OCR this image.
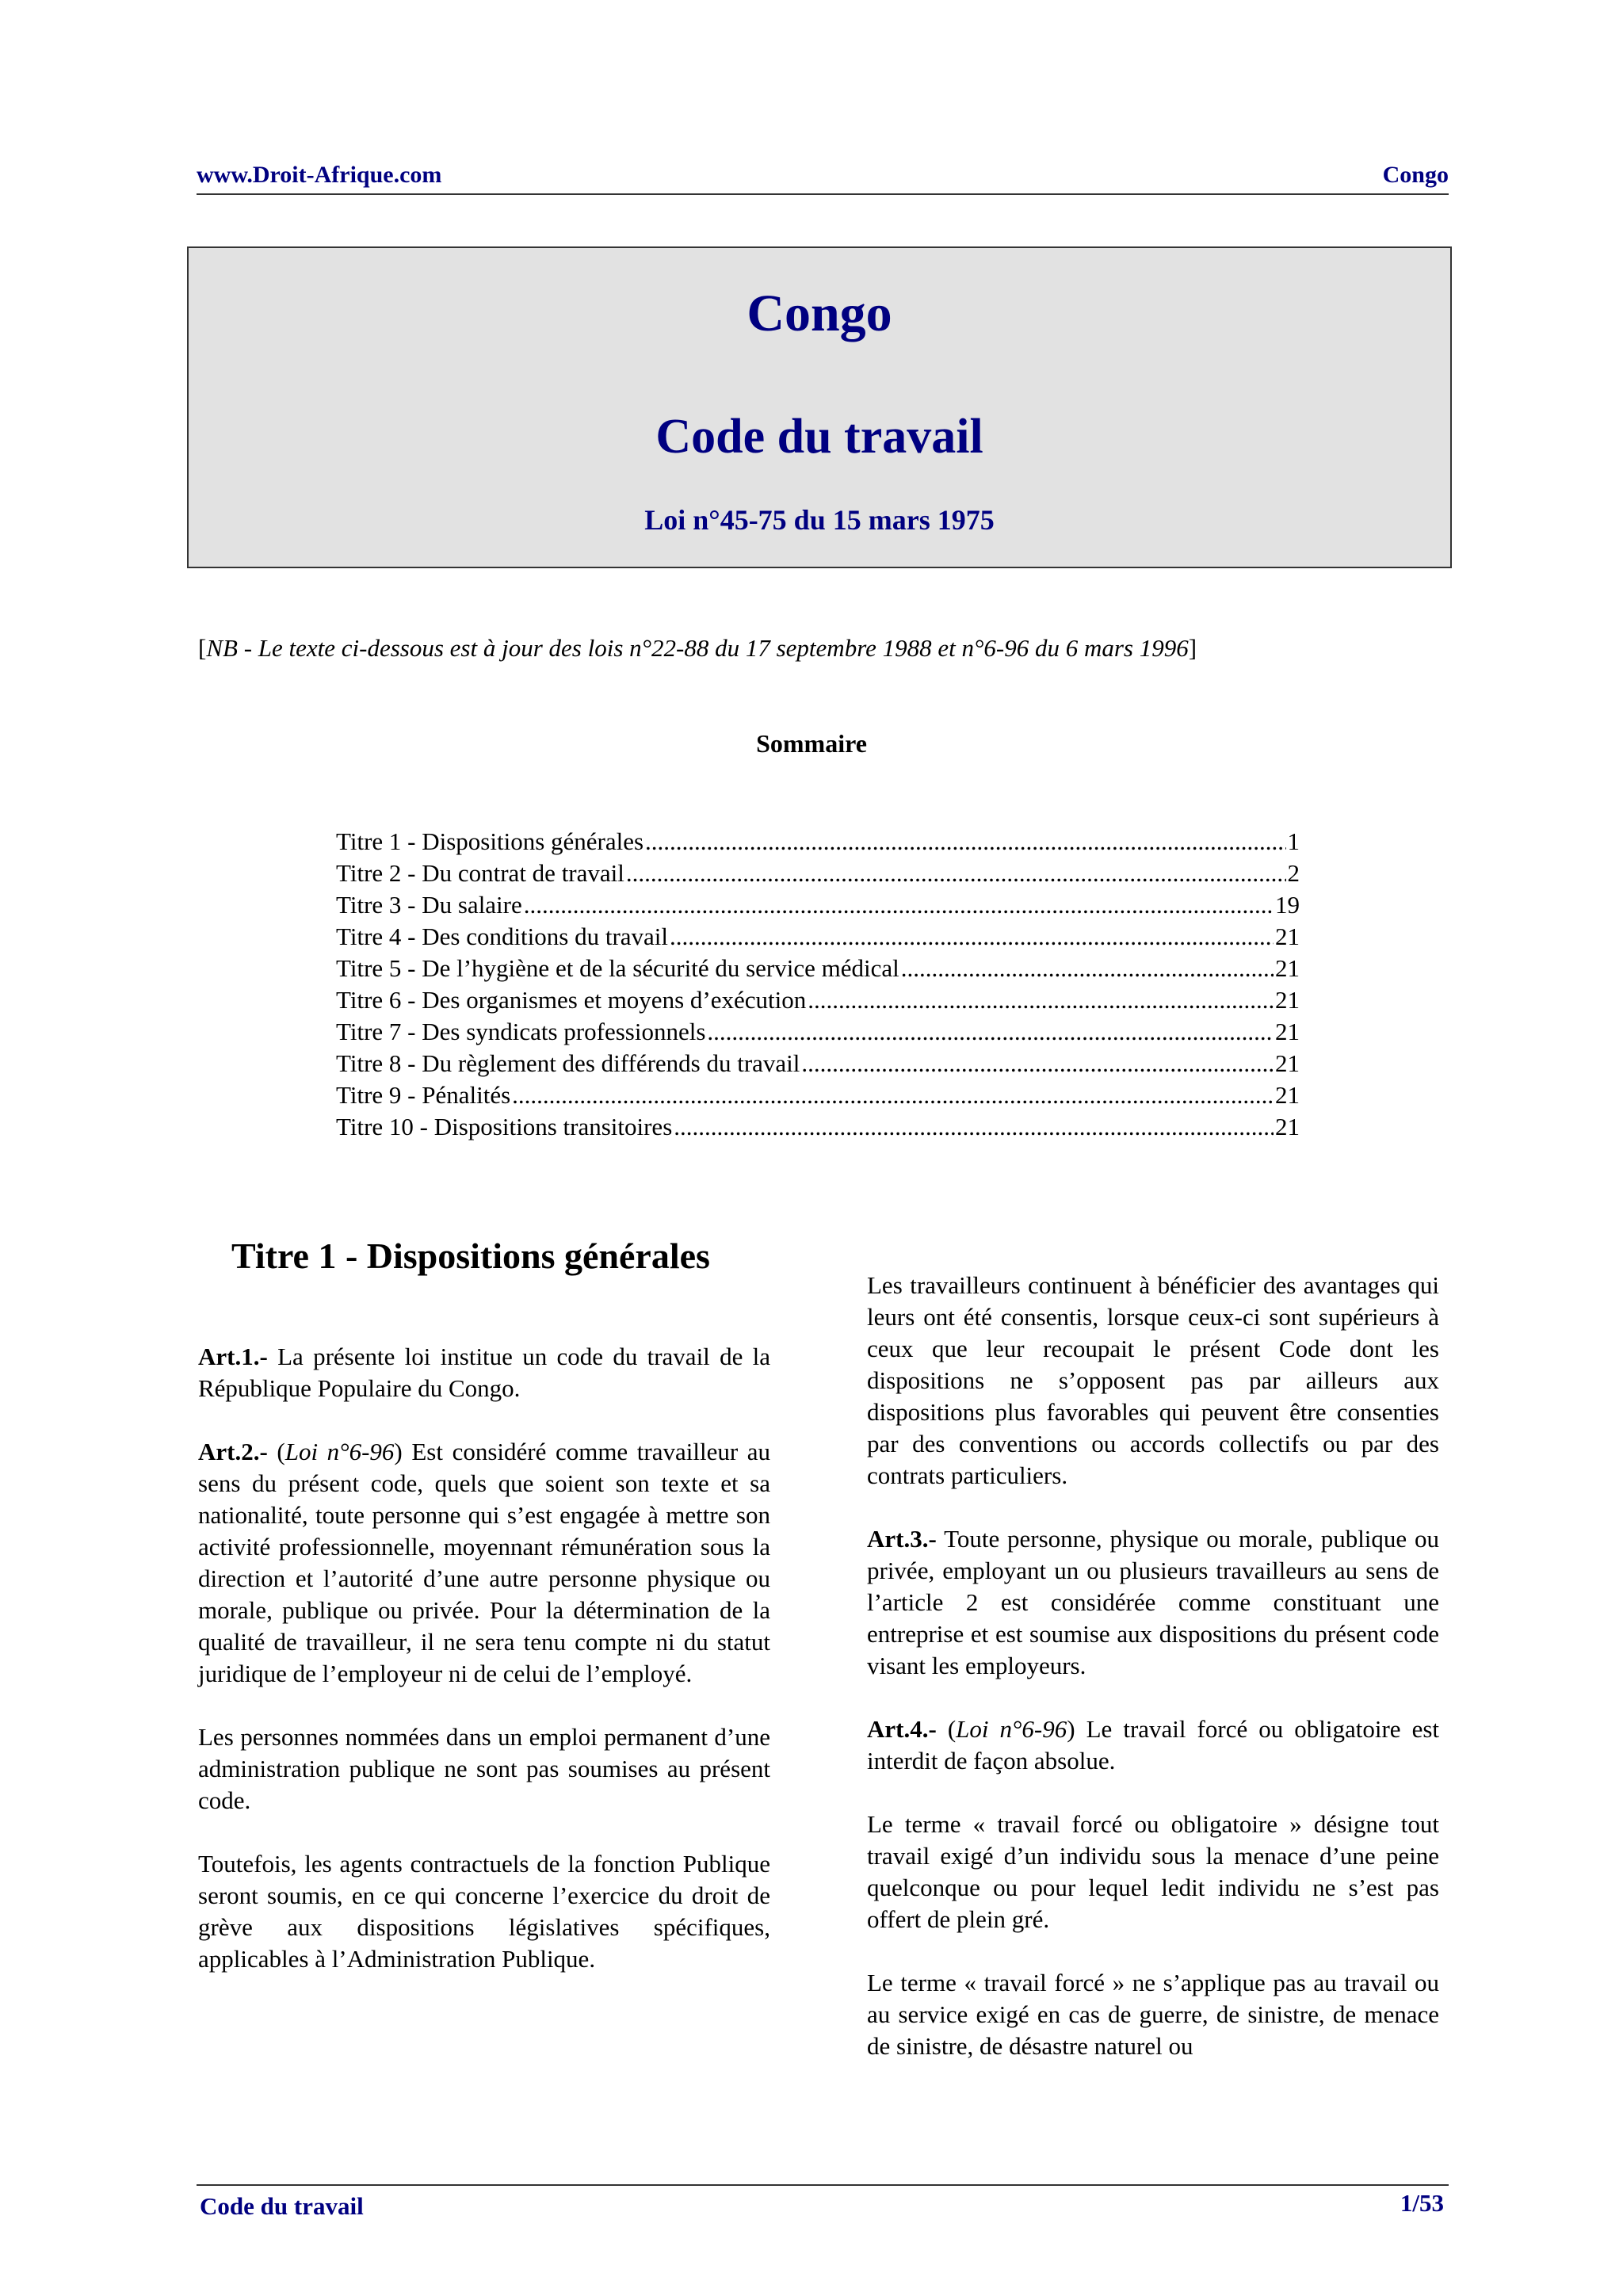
www.Droit-Afrique.com	Congo
Congo
Code du travail
Loi n°45-75 du 15 mars 1975
[NB - Le texte ci-dessous est à jour des lois n°22-88 du 17 septembre 1988 et n°6-96 du 6 mars 1996]
Sommaire
Titre 1 - Dispositions générales .....	1
Titre 2 - Du contrat de travail .....	2
Titre 3 - Du salaire .....	19
Titre 4 - Des conditions du travail .....	21
Titre 5 - De l’hygiène et de la sécurité du service médical .....	21
Titre 6 - Des organismes et moyens d’exécution .....	21
Titre 7 - Des syndicats professionnels .....	21
Titre 8 - Du règlement des différends du travail .....	21
Titre 9 - Pénalités .....	21
Titre 10 - Dispositions transitoires .....	21
Titre 1 - Dispositions générales

Art.1.- La présente loi institue un code du travail de la République Populaire du Congo.

Art.2.- (Loi n°6-96) Est considéré comme travailleur au sens du présent code, quels que soient son texte et sa nationalité, toute personne qui s’est engagée à mettre son activité professionnelle, moyennant rémunération sous la direction et l’autorité d’une autre personne physique ou morale, publique ou privée. Pour la détermination de la qualité de travailleur, il ne sera tenu compte ni du statut juridique de l’employeur ni de celui de l’employé.

Les personnes nommées dans un emploi permanent d’une administration publique ne sont pas soumises au présent code.

Toutefois, les agents contractuels de la fonction Publique seront soumis, en ce qui concerne l’exercice du droit de grève aux dispositions législatives spécifiques, applicables à l’Administration Publique.

Les travailleurs continuent à bénéficier des avantages qui leurs ont été consentis, lorsque ceux-ci sont supérieurs à ceux que leur recoupait le présent Code dont les dispositions ne s’opposent pas par ailleurs aux dispositions plus favorables qui peuvent être consenties par des conventions ou accords collectifs ou par des contrats particuliers.

Art.3.- Toute personne, physique ou morale, publique ou privée, employant un ou plusieurs travailleurs au sens de l’article 2 est considérée comme constituant une entreprise et est soumise aux dispositions du présent code visant les employeurs.

Art.4.- (Loi n°6-96) Le travail forcé ou obligatoire est interdit de façon absolue.

Le terme « travail forcé ou obligatoire » désigne tout travail exigé d’un individu sous la menace d’une peine quelconque ou pour lequel ledit individu ne s’est pas offert de plein gré.

Le terme « travail forcé » ne s’applique pas au travail ou au service exigé en cas de guerre, de sinistre, de menace de sinistre, de désastre naturel ou

Code du travail	1/53
